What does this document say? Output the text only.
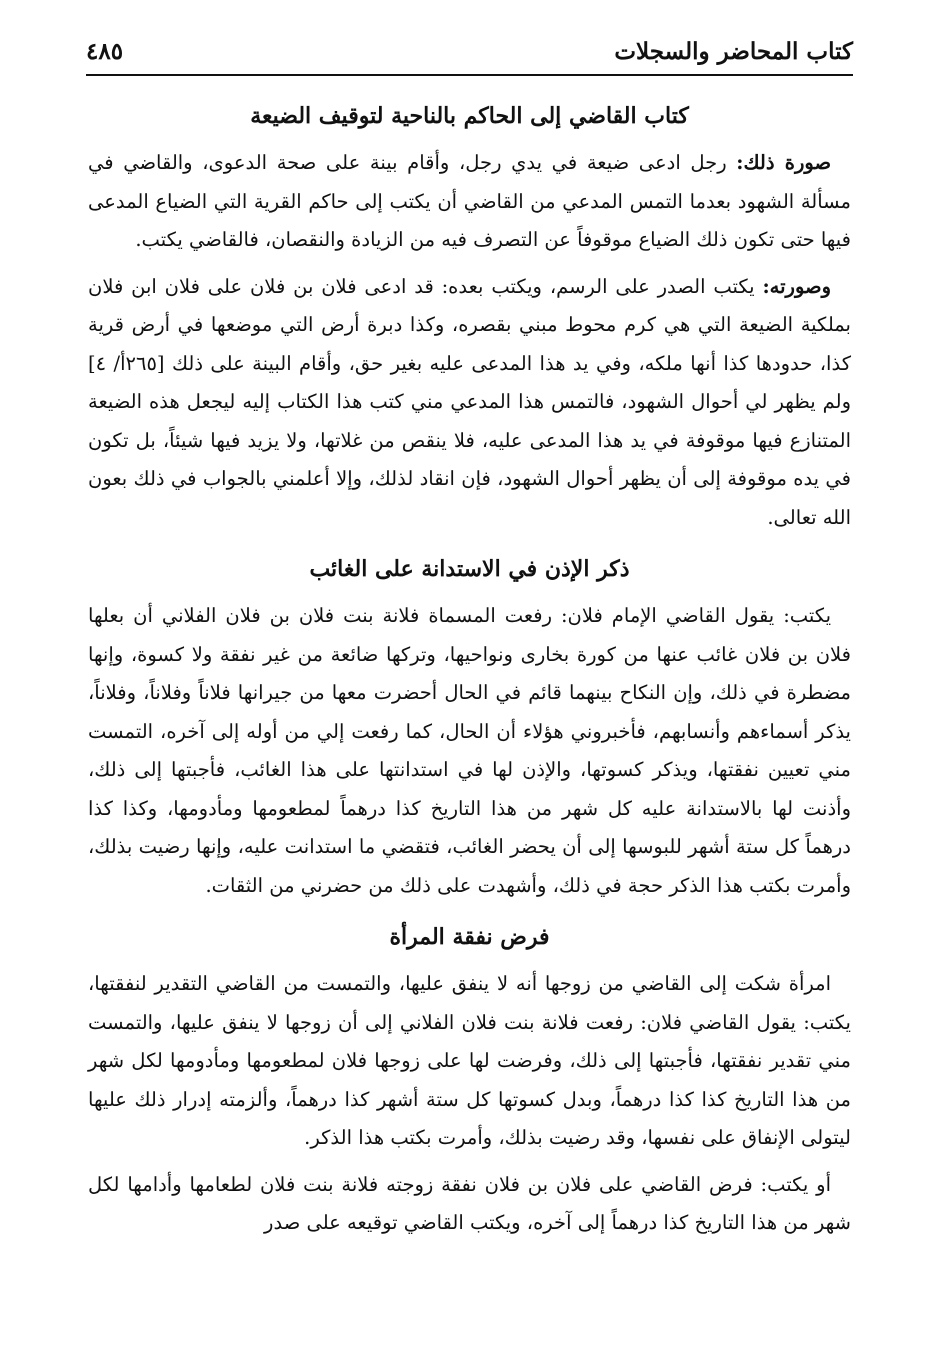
كتاب المحاضر والسجلات
٤٨٥
كتاب القاضي إلى الحاكم بالناحية لتوقيف الضيعة

صورة ذلك: رجل ادعى ضيعة في يدي رجل، وأقام بينة على صحة الدعوى، والقاضي في مسألة الشهود بعدما التمس المدعي من القاضي أن يكتب إلى حاكم القرية التي الضياع المدعى فيها حتى تكون ذلك الضياع موقوفاً عن التصرف فيه من الزيادة والنقصان، فالقاضي يكتب.

وصورته: يكتب الصدر على الرسم، ويكتب بعده: قد ادعى فلان بن فلان على فلان ابن فلان بملكية الضيعة التي هي كرم محوط مبني بقصره، وكذا دبرة أرض التي موضعها في أرض قرية كذا، حدودها كذا أنها ملكه، وفي يد هذا المدعى عليه بغير حق، وأقام البينة على ذلك [٢٦٥أ/ ٤] ولم يظهر لي أحوال الشهود، فالتمس هذا المدعي مني كتب هذا الكتاب إليه ليجعل هذه الضيعة المتنازع فيها موقوفة في يد هذا المدعى عليه، فلا ينقص من غلاتها، ولا يزيد فيها شيئاً، بل تكون في يده موقوفة إلى أن يظهر أحوال الشهود، فإن انقاد لذلك، وإلا أعلمني بالجواب في ذلك بعون الله تعالى.

ذكر الإذن في الاستدانة على الغائب

يكتب: يقول القاضي الإمام فلان: رفعت المسماة فلانة بنت فلان بن فلان الفلاني أن بعلها فلان بن فلان غائب عنها من كورة بخارى ونواحيها، وتركها ضائعة من غير نفقة ولا كسوة، وإنها مضطرة في ذلك، وإن النكاح بينهما قائم في الحال أحضرت معها من جيرانها فلاناً وفلاناً، وفلاناً، يذكر أسماءهم وأنسابهم، فأخبروني هؤلاء أن الحال، كما رفعت إلي من أوله إلى آخره، التمست مني تعيين نفقتها، ويذكر كسوتها، والإذن لها في استدانتها على هذا الغائب، فأجبتها إلى ذلك، وأذنت لها بالاستدانة عليه كل شهر من هذا التاريخ كذا درهماً لمطعومها ومأدومها، وكذا كذا درهماً كل ستة أشهر للبوسها إلى أن يحضر الغائب، فتقضي ما استدانت عليه، وإنها رضيت بذلك، وأمرت بكتب هذا الذكر حجة في ذلك، وأشهدت على ذلك من حضرني من الثقات.

فرض نفقة المرأة

امرأة شكت إلى القاضي من زوجها أنه لا ينفق عليها، والتمست من القاضي التقدير لنفقتها، يكتب: يقول القاضي فلان: رفعت فلانة بنت فلان الفلاني إلى أن زوجها لا ينفق عليها، والتمست مني تقدير نفقتها، فأجبتها إلى ذلك، وفرضت لها على زوجها فلان لمطعومها ومأدومها لكل شهر من هذا التاريخ كذا كذا درهماً، وبدل كسوتها كل ستة أشهر كذا درهماً، وألزمته إدرار ذلك عليها ليتولى الإنفاق على نفسها، وقد رضيت بذلك، وأمرت بكتب هذا الذكر.

أو يكتب: فرض القاضي على فلان بن فلان نفقة زوجته فلانة بنت فلان لطعامها وأدامها لكل شهر من هذا التاريخ كذا درهماً إلى آخره، ويكتب القاضي توقيعه على صدر
